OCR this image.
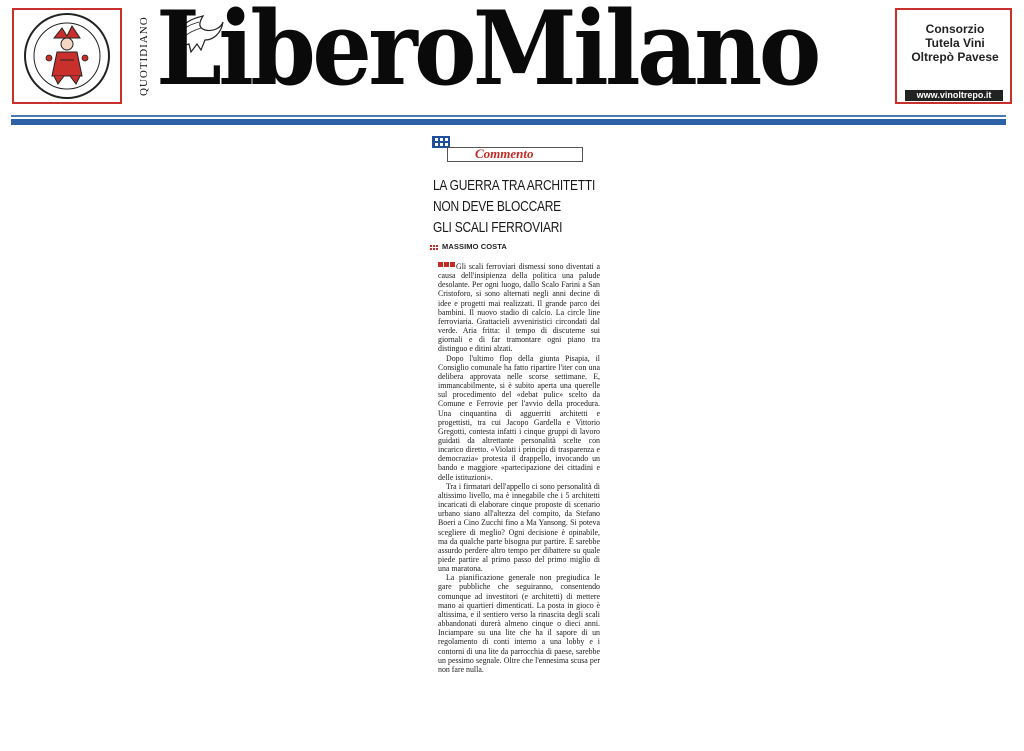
QUOTIDIANO LiberoMilano	Consorzio
Tutela Vini
Oltrepò Pavese
www.vinoltrepo.it
Commento
LA GUERRA TRA ARCHITETTI
NON DEVE BLOCCARE
GLI SCALI FERROVIARI
MASSIMO COSTA

Gli scali ferroviari dismessi sono diventati a causa dell'insipienza della politica una palude desolante. Per ogni luogo, dallo Scalo Farini a San Cristoforo, si sono alternati negli anni decine di idee e progetti mai realizzati. Il grande parco dei bambini. Il nuovo stadio di calcio. La circle line ferroviaria. Grattacieli avveniristici circondati dal verde. Aria fritta: il tempo di discuterne sui giornali e di far tramontare ogni piano tra distinguo e ditini alzati.

Dopo l'ultimo flop della giunta Pisapia, il Consiglio comunale ha fatto ripartire l'iter con una delibera approvata nelle scorse settimane. E, immancabilmente, si è subito aperta una querelle sul procedimento del «debat pulic» scelto da Comune e Ferrovie per l'avvio della procedura. Una cinquantina di agguerriti architetti e progettisti, tra cui Jacopo Gardella e Vittorio Gregotti, contesta infatti i cinque gruppi di lavoro guidati da altrettante personalità scelte con incarico diretto. «Violati i principi di trasparenza e democrazia» protesta il drappello, invocando un bando e maggiore «partecipazione dei cittadini e delle istituzioni».

Tra i firmatari dell'appello ci sono personalità di altissimo livello, ma è innegabile che i 5 architetti incaricati di elaborare cinque proposte di scenario urbano siano all'altezza del compito, da Stefano Boeri a Cino Zucchi fino a Ma Yansong. Si poteva scegliere di meglio? Ogni decisione è opinabile, ma da qualche parte bisogna pur partire. E sarebbe assurdo perdere altro tempo per dibattere su quale piede partire al primo passo del primo miglio di una maratona.

La pianificazione generale non pregiudica le gare pubbliche che seguiranno, consentendo comunque ad investitori (e architetti) di mettere mano ai quartieri dimenticati. La posta in gioco è altissima, e il sentiero verso la rinascita degli scali abbandonati durerà almeno cinque o dieci anni. Inciampare su una lite che ha il sapore di un regolamento di conti interno a una lobby e i contorni di una lite da parrocchia di paese, sarebbe un pessimo segnale. Oltre che l'ennesima scusa per non fare nulla.
